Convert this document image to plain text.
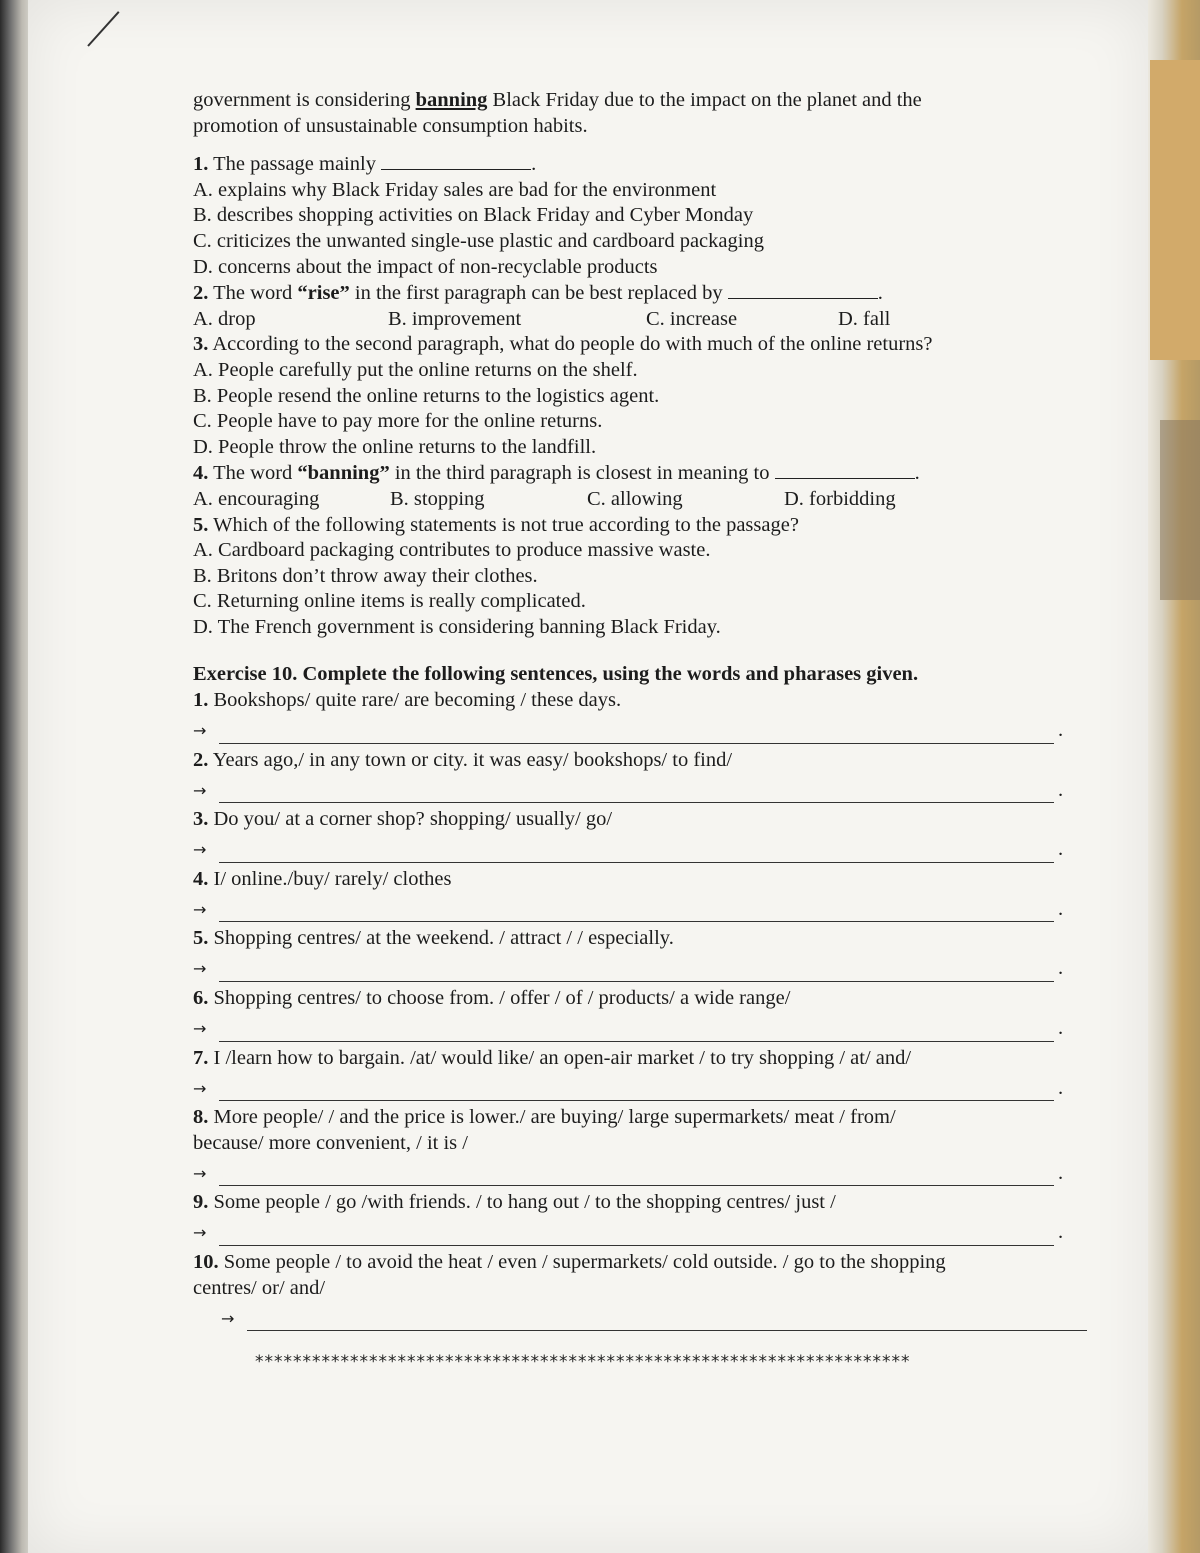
government is considering banning Black Friday due to the impact on the planet and the
promotion of unsustainable consumption habits.
1. The passage mainly	.
A. explains why Black Friday sales are bad for the environment
B. describes shopping activities on Black Friday and Cyber Monday
C. criticizes the unwanted single-use plastic and cardboard packaging
D. concerns about the impact of non-recyclable products
2. The word “rise” in the first paragraph can be best replaced by	.
A. drop	B. improvement	C. increase	D. fall
3. According to the second paragraph, what do people do with much of the online returns?
A. People carefully put the online returns on the shelf.
B. People resend the online returns to the logistics agent.
C. People have to pay more for the online returns.
D. People throw the online returns to the landfill.
4. The word “banning” in the third paragraph is closest in meaning to	.
A. encouraging	B. stopping	C. allowing	D. forbidding
5. Which of the following statements is not true according to the passage?
A. Cardboard packaging contributes to produce massive waste.
B. Britons don’t throw away their clothes.
C. Returning online items is really complicated.
D. The French government is considering banning Black Friday.
Exercise 10. Complete the following sentences, using the words and pharases given.
1. Bookshops/ quite rare/ are becoming / these days.
→	.
2. Years ago,/ in any town or city. it was easy/ bookshops/ to find/
→	.
3. Do you/ at a corner shop? shopping/ usually/ go/
→	.
4. I/ online./buy/ rarely/ clothes
→	.
5. Shopping centres/ at the weekend. / attract / / especially.
→	.
6. Shopping centres/ to choose from. / offer / of / products/ a wide range/
→	.
7. I /learn how to bargain. /at/ would like/ an open-air market / to try shopping / at/ and/
→	.
8. More people/ / and the price is lower./ are buying/ large supermarkets/ meat / from/
because/ more convenient, / it is /
→	.
9. Some people / go /with friends. / to hang out / to the shopping centres/ just /
→	.
10. Some people / to avoid the heat / even / supermarkets/ cold outside. / go to the shopping
centres/ or/ and/
→
*********************************************************************
